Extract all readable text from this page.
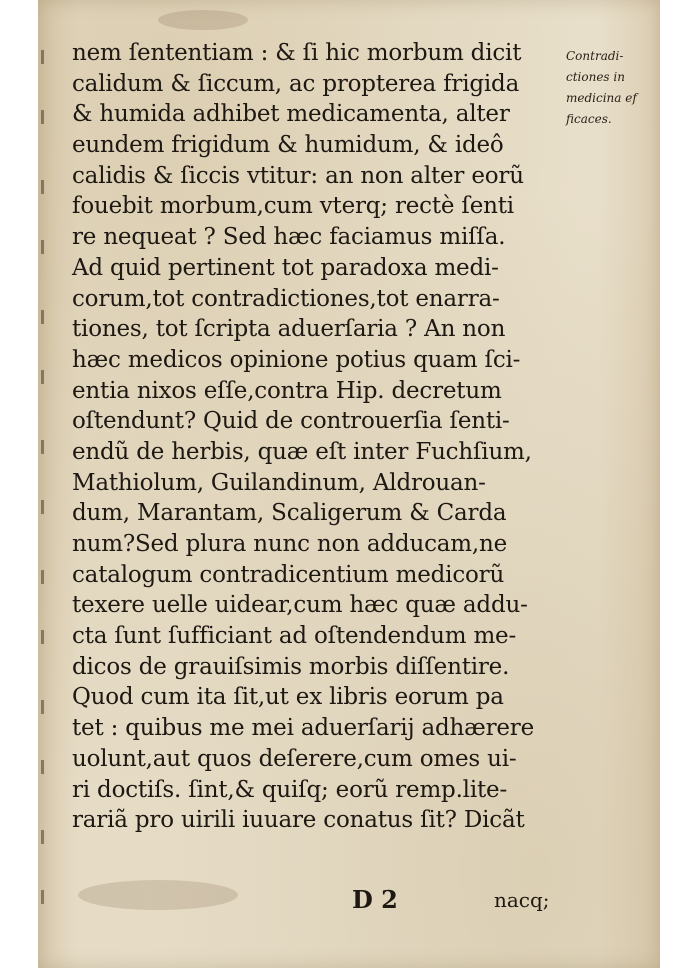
nem ſententiam : & ſi hic morbum dicit
calidum & ſiccum, ac propterea frigida
& humida adhibet medicamenta, alter
eundem frigidum & humidum, & ideô
calidis & ſiccis vtitur: an non alter eorũ
fouebit morbum,cum vterq; rectè ſenti
re nequeat ? Sed hæc faciamus miſſa.
Ad quid pertinent tot paradoxa medi-
corum,tot contradictiones,tot enarra-
tiones, tot ſcripta aduerſaria ? An non
hæc medicos opinione potius quam ſci-
entia nixos eſſe,contra Hip. decretum
oſtendunt? Quid de controuerſia ſenti-
endũ de herbis, quæ eſt inter Fuchſium,
Mathiolum, Guilandinum, Aldrouan-
dum, Marantam, Scaligerum & Carda
num?Sed plura nunc non adducam,ne
catalogum contradicentium medicorũ
texere uelle uidear,cum hæc quæ addu-
cta ſunt ſufficiant ad oſtendendum me-
dicos de grauiſsimis morbis diſſentire.
Quod cum ita ſit,ut ex libris eorum pa
tet : quibus me mei aduerſarij adhærere
uolunt,aut quos deſerere,cum omes ui-
ri doctiſs. ſint,& quiſq; eorũ remp.lite-
rariã pro uirili iuuare conatus ſit? Dicãt
Contradi-
ctiones in
medicina ef
ficaces.
D 2	nacq;
